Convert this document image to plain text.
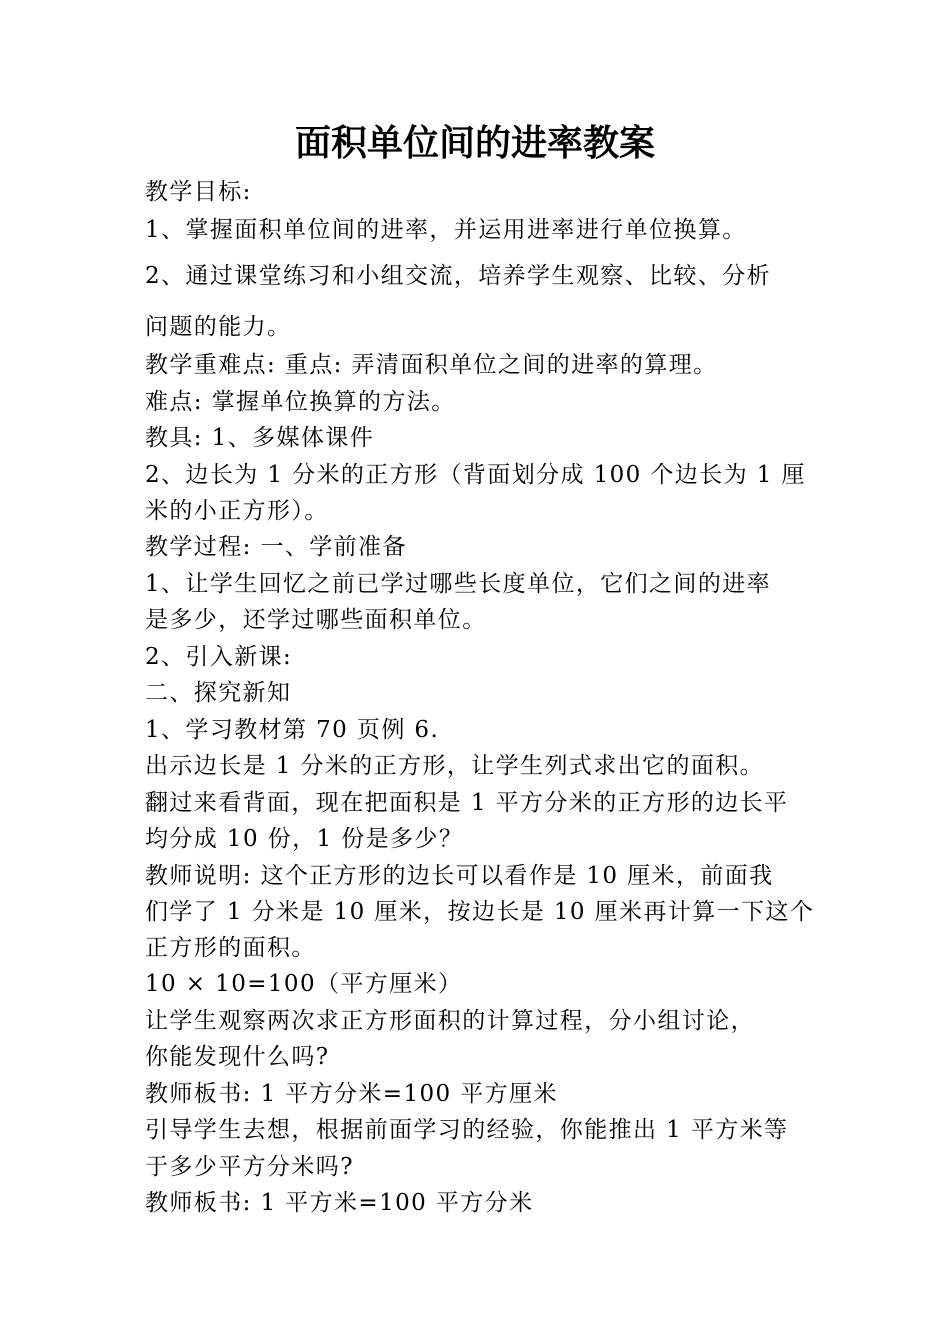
面积单位间的进率教案
教学目标:
1、掌握面积单位间的进率，并运用进率进行单位换算。
2、通过课堂练习和小组交流，培养学生观察、比较、分析
问题的能力。
教学重难点: 重点: 弄清面积单位之间的进率的算理。
难点: 掌握单位换算的方法。
教具: 1、多媒体课件
2、边长为 1 分米的正方形（背面划分成 100 个边长为 1 厘
米的小正方形）。
教学过程: 一、学前准备
1、让学生回忆之前已学过哪些长度单位，它们之间的进率
是多少，还学过哪些面积单位。
2、引入新课:
二、探究新知
1、学习教材第 70 页例 6.
出示边长是 1 分米的正方形，让学生列式求出它的面积。
翻过来看背面，现在把面积是 1 平方分米的正方形的边长平
均分成 10 份，1 份是多少？
教师说明: 这个正方形的边长可以看作是 10 厘米，前面我
们学了 1 分米是 10 厘米，按边长是 10 厘米再计算一下这个
正方形的面积。
10 × 10=100（平方厘米）
让学生观察两次求正方形面积的计算过程，分小组讨论，
你能发现什么吗?
教师板书: 1 平方分米=100 平方厘米
引导学生去想，根据前面学习的经验，你能推出 1 平方米等
于多少平方分米吗?
教师板书: 1 平方米=100 平方分米
